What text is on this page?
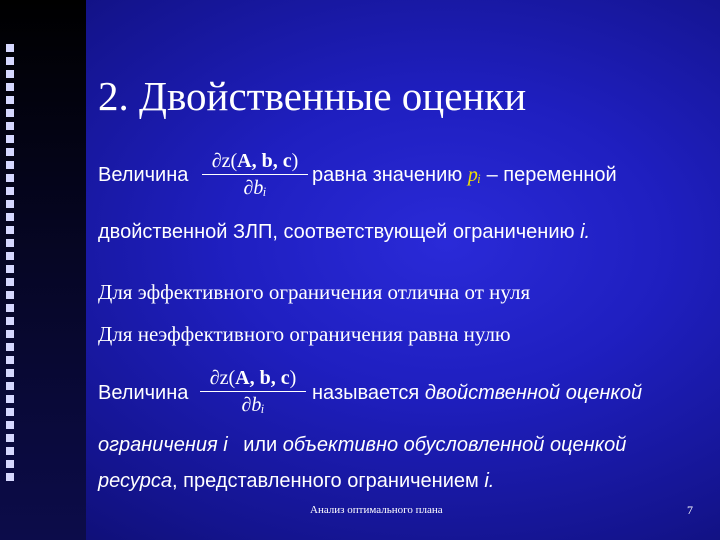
2. Двойственные оценки
Величина
∂z(A, b, c)
∂bᵢ
равна значению pᵢ – переменной
двойственной ЗЛП, соответствующей ограничению i.
Для эффективного ограничения отлична от нуля
Для неэффективного ограничения равна нулю
Величина
∂z(A, b, c)
∂bᵢ
называется двойственной оценкой
ограничения i или объективно обусловленной оценкой
ресурса, представленного ограничением i.
Анализ оптимального плана	7
